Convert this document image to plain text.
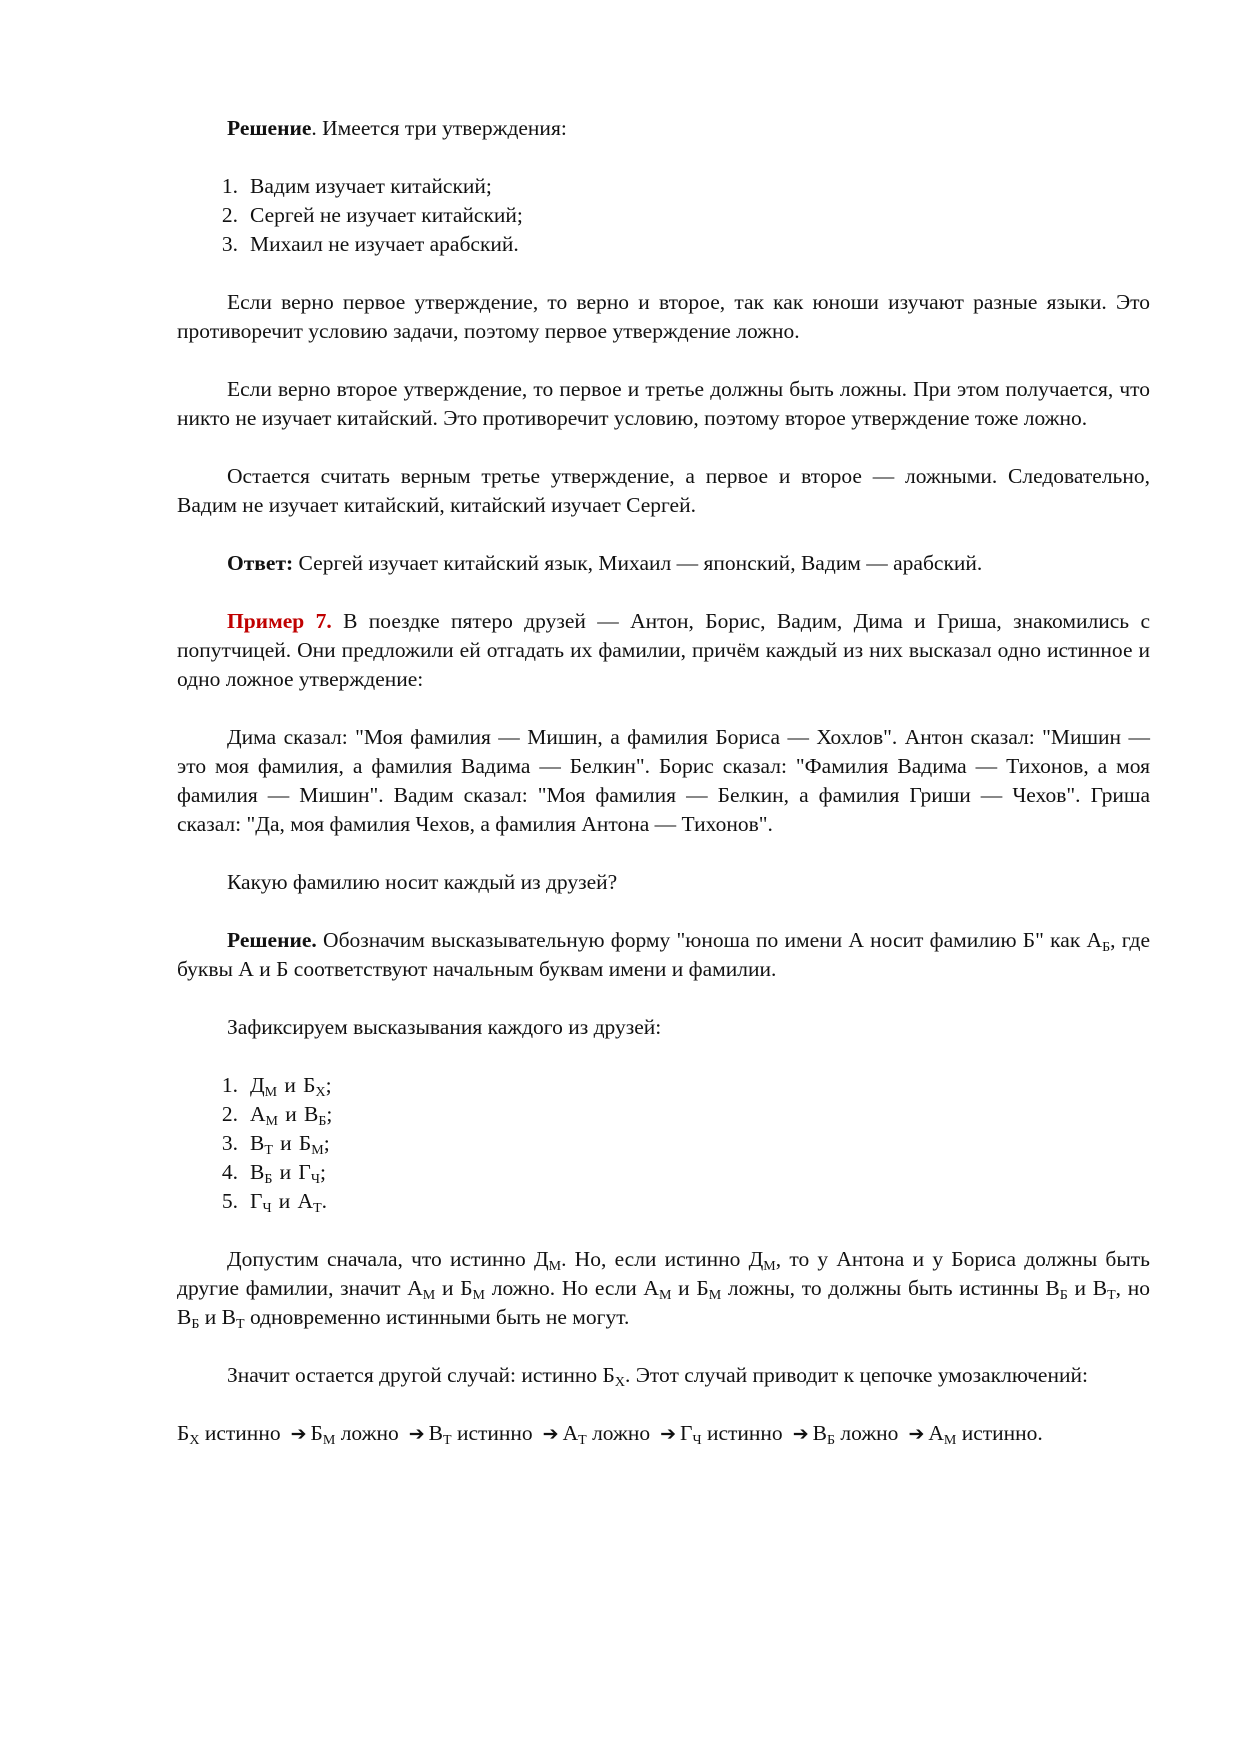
Решение. Имеется три утверждения:

1. Вадим изучает китайский;
2. Сергей не изучает китайский;
3. Михаил не изучает арабский.

Если верно первое утверждение, то верно и второе, так как юноши изучают разные языки. Это противоречит условию задачи, поэтому первое утверждение ложно.

Если верно второе утверждение, то первое и третье должны быть ложны. При этом получается, что никто не изучает китайский. Это противоречит условию, поэтому второе утверждение тоже ложно.

Остается считать верным третье утверждение, а первое и второе — ложными. Следовательно, Вадим не изучает китайский, китайский изучает Сергей.

Ответ: Сергей изучает китайский язык, Михаил — японский, Вадим — арабский.

Пример 7. В поездке пятеро друзей — Антон, Борис, Вадим, Дима и Гриша, знакомились с попутчицей. Они предложили ей отгадать их фамилии, причём каждый из них высказал одно истинное и одно ложное утверждение:

Дима сказал: "Моя фамилия — Мишин, а фамилия Бориса — Хохлов". Антон сказал: "Мишин — это моя фамилия, а фамилия Вадима — Белкин". Борис сказал: "Фамилия Вадима — Тихонов, а моя фамилия — Мишин". Вадим сказал: "Моя фамилия — Белкин, а фамилия Гриши — Чехов". Гриша сказал: "Да, моя фамилия Чехов, а фамилия Антона — Тихонов".

Какую фамилию носит каждый из друзей?

Решение. Обозначим высказывательную форму "юноша по имени А носит фамилию Б" как $А_Б$, где буквы А и Б соответствуют начальным буквам имени и фамилии.

Зафиксируем высказывания каждого из друзей:

1. $Д_М$ и $Б_Х$;
2. $А_М$ и $В_Б$;
3. $В_Т$ и $Б_М$;
4. $В_Б$ и $Г_Ч$;
5. $Г_Ч$ и $А_Т$.

Допустим сначала, что истинно $Д_М$. Но, если истинно $Д_М$, то у Антона и у Бориса должны быть другие фамилии, значит $А_М$ и $Б_М$ ложно. Но если $А_М$ и $Б_М$ ложны, то должны быть истинны $В_Б$ и $В_Т$, но $В_Б$ и $В_Т$ одновременно истинными быть не могут.

Значит остается другой случай: истинно $Б_Х$. Этот случай приводит к цепочке умозаключений:

$Б_Х$ истинно ➔ $Б_М$ ложно ➔ $В_Т$ истинно ➔ $А_Т$ ложно ➔ $Г_Ч$ истинно ➔ $В_Б$ ложно ➔ $А_М$ истинно.
